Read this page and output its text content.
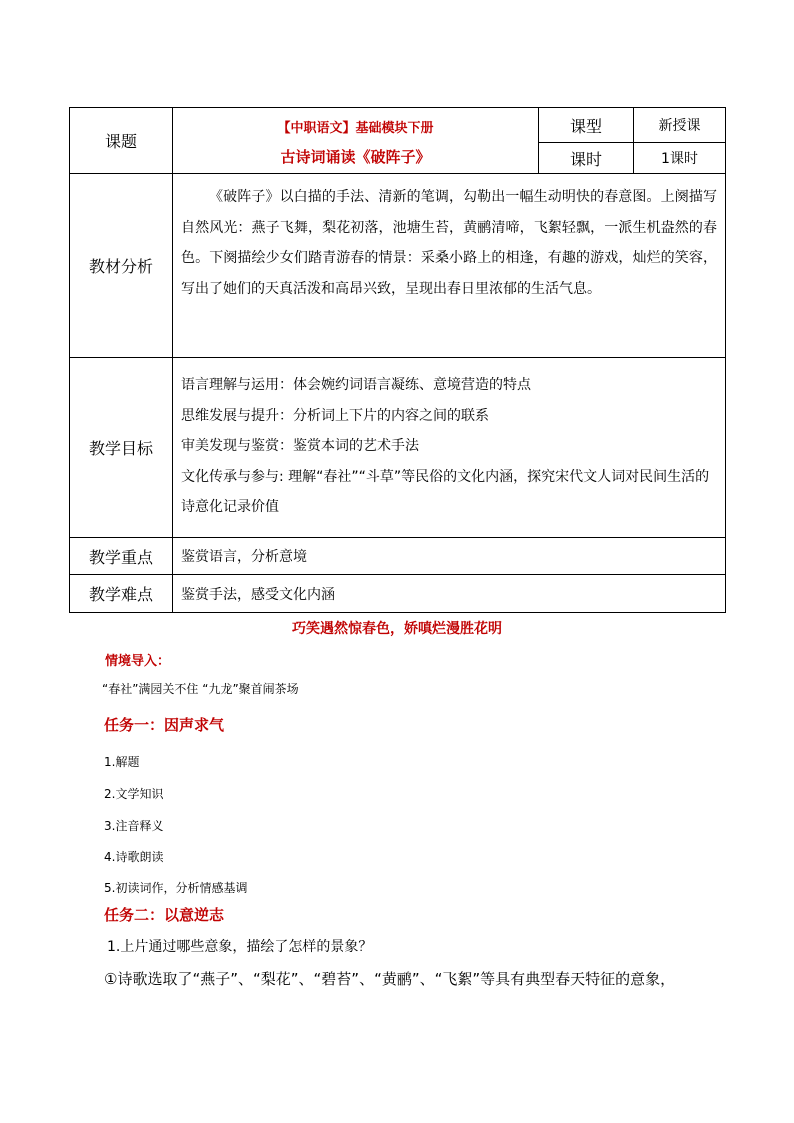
课题	【中职语文】基础模块下册
古诗词诵读《破阵子》	课型	新授课
		课时	1课时
教材分析	《破阵子》以白描的手法、清新的笔调，勾勒出一幅生动明快的春意图。上阕描写自然风光：燕子飞舞，梨花初落，池塘生苔，黄鹂清啼，飞絮轻飘，一派生机盎然的春色。下阕描绘少女们踏青游春的情景：采桑小路上的相逢，有趣的游戏，灿烂的笑容，写出了她们的天真活泼和高昂兴致，呈现出春日里浓郁的生活气息。		

教学目标	语言理解与运用：体会婉约词语言凝练、意境营造的特点

思维发展与提升：分析词上下片的内容之间的联系

审美发现与鉴赏：鉴赏本词的艺术手法

文化传承与参与: 理解“春社”“斗草”等民俗的文化内涵，探究宋代文人词对民间生活的诗意化记录价值		

教学重点	鉴赏语言，分析意境		
教学难点	鉴赏手法，感受文化内涵		
巧笑遇然惊春色，娇嗔烂漫胜花明
情境导入：
“春社”满园关不住 “九龙”聚首闹茶场
任务一：因声求气
1.解题
2.文学知识
3.注音释义
4.诗歌朗读
5.初读词作，分析情感基调
任务二：以意逆志
1.上片通过哪些意象，描绘了怎样的景象？
①诗歌选取了“燕子”、“梨花”、“碧苔”、“黄鹂”、“飞絮”等具有典型春天特征的意象，
